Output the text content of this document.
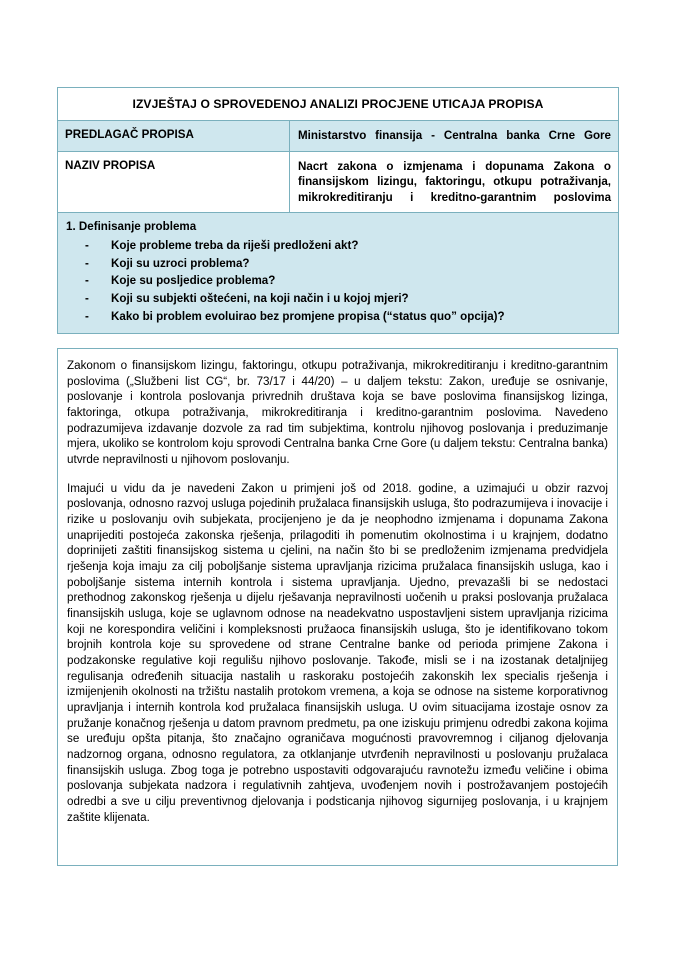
IZVJEŠTAJ O SPROVEDENOJ ANALIZI PROCJENE UTICAJA PROPISA	
PREDLAGAČ PROPISA	Ministarstvo finansija - Centralna banka Crne Gore
NAZIV PROPISA	Nacrt zakona o izmjenama i dopunama Zakona o finansijskom lizingu, faktoringu, otkupu potraživanja, mikrokreditiranju i kreditno-garantnim poslovima

1. Definisanje problema
- Koje probleme treba da riješi predloženi akt?
- Koji su uzroci problema?
- Koje su posljedice problema?
- Koji su subjekti oštećeni, na koji način i u kojoj mjeri?
- Kako bi problem evoluirao bez promjene propisa (“status quo” opcija)?

Zakonom o finansijskom lizingu, faktoringu, otkupu potraživanja, mikrokreditiranju i kreditno-garantnim poslovima („Službeni list CG“, br. 73/17 i 44/20) – u daljem tekstu: Zakon, uređuje se osnivanje, poslovanje i kontrola poslovanja privrednih društava koja se bave poslovima finansijskog lizinga, faktoringa, otkupa potraživanja, mikrokreditiranja i kreditno-garantnim poslovima. Navedeno podrazumijeva izdavanje dozvole za rad tim subjektima, kontrolu njihovog poslovanja i preduzimanje mjera, ukoliko se kontrolom koju sprovodi Centralna banka Crne Gore (u daljem tekstu: Centralna banka) utvrde nepravilnosti u njihovom poslovanju.

Imajući u vidu da je navedeni Zakon u primjeni još od 2018. godine, a uzimajući u obzir razvoj poslovanja, odnosno razvoj usluga pojedinih pružalaca finansijskih usluga, što podrazumijeva i inovacije i rizike u poslovanju ovih subjekata, procijenjeno je da je neophodno izmjenama i dopunama Zakona unaprijediti postojeća zakonska rješenja, prilagoditi ih pomenutim okolnostima i u krajnjem, dodatno doprinijeti zaštiti finansijskog sistema u cjelini, na način što bi se predloženim izmjenama predvidjela rješenja koja imaju za cilj poboljšanje sistema upravljanja rizicima pružalaca finansijskih usluga, kao i poboljšanje sistema internih kontrola i sistema upravljanja. Ujedno, prevazašli bi se nedostaci prethodnog zakonskog rješenja u dijelu rješavanja nepravilnosti uočenih u praksi poslovanja pružalaca finansijskih usluga, koje se uglavnom odnose na neadekvatno uspostavljeni sistem upravljanja rizicima koji ne korespondira veličini i kompleksnosti pružaoca finansijskih usluga, što je identifikovano tokom brojnih kontrola koje su sprovedene od strane Centralne banke od perioda primjene Zakona i podzakonske regulative koji regulišu njihovo poslovanje. Takođe, misli se i na izostanak detaljnijeg regulisanja određenih situacija nastalih u raskoraku postojećih zakonskih lex specialis rješenja i izmijenjenih okolnosti na tržištu nastalih protokom vremena, a koja se odnose na sisteme korporativnog upravljanja i internih kontrola kod pružalaca finansijskih usluga. U ovim situacijama izostaje osnov za pružanje konačnog rješenja u datom pravnom predmetu, pa one iziskuju primjenu odredbi zakona kojima se uređuju opšta pitanja, što značajno ograničava mogućnosti pravovremnog i ciljanog djelovanja nadzornog organa, odnosno regulatora, za otklanjanje utvrđenih nepravilnosti u poslovanju pružalaca finansijskih usluga. Zbog toga je potrebno uspostaviti odgovarajuću ravnotežu između veličine i obima poslovanja subjekata nadzora i regulativnih zahtjeva, uvođenjem novih i postrožavanjem postojećih odredbi a sve u cilju preventivnog djelovanja i podsticanja njihovog sigurnijeg poslovanja, i u krajnjem zaštite klijenata.
